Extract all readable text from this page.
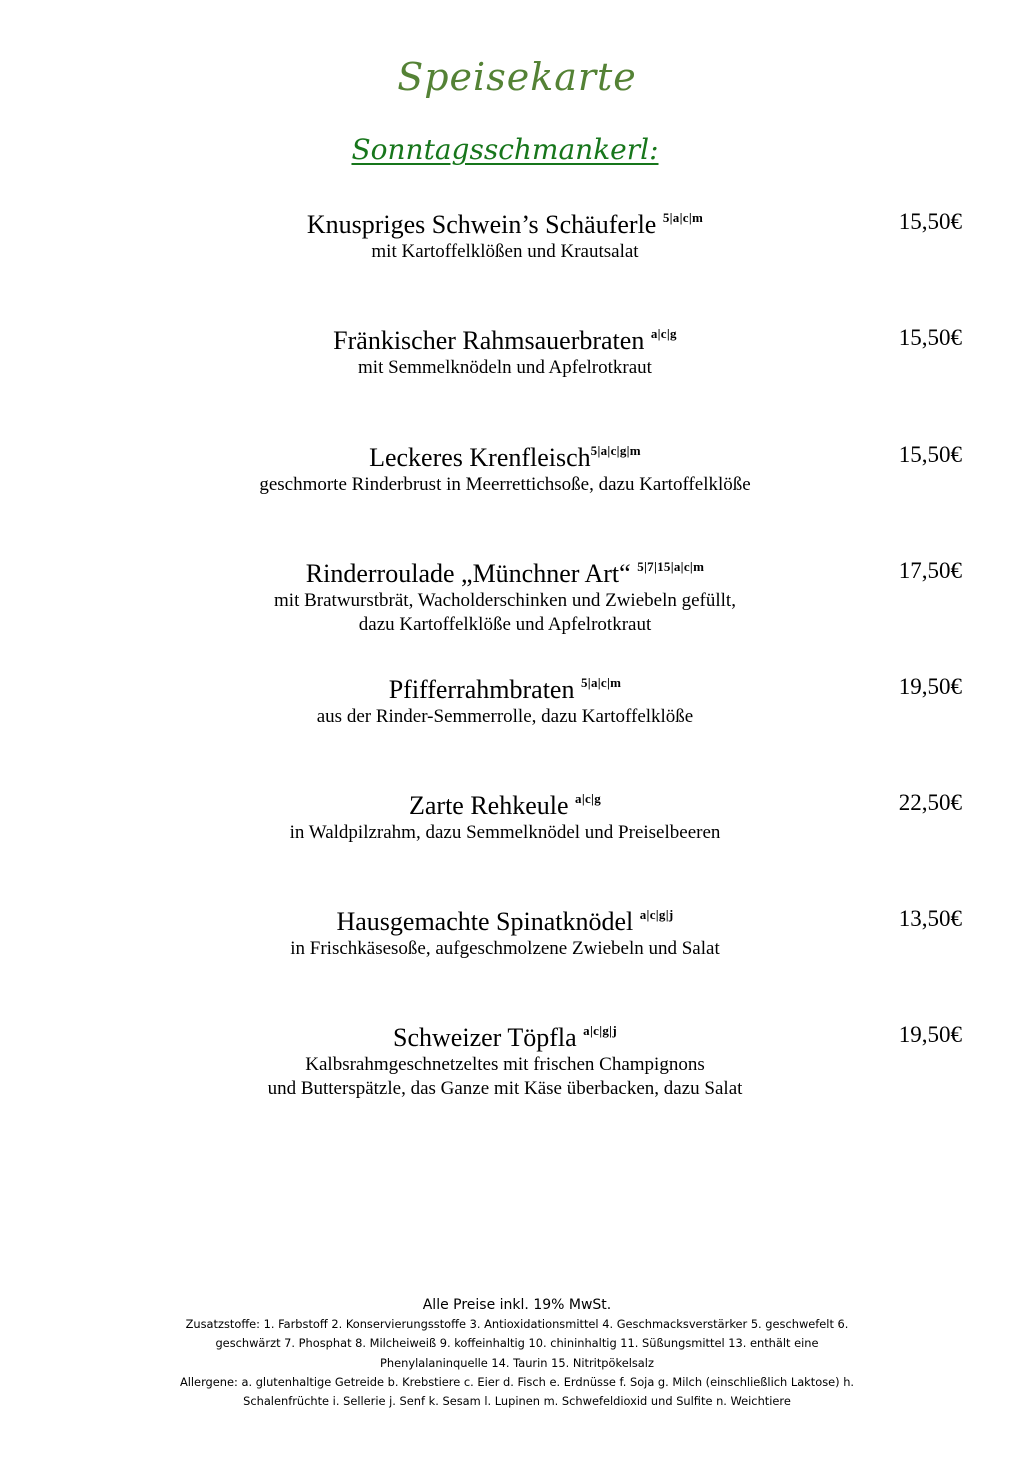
Speisekarte
Sonntagsschmankerl:
Knuspriges Schwein’s Schäuferle $^{5|a|c|m}$
mit Kartoffelklößen und Krautsalat
15,50€
Fränkischer Rahmsauerbraten $^{a|c|g}$
mit Semmelknödeln und Apfelrotkraut
15,50€
Leckeres Krenfleisch$^{5|a|c|g|m}$
geschmorte Rinderbrust in Meerrettichsoße, dazu Kartoffelklöße
15,50€
Rinderroulade „Münchner Art“ $^{5|7|15|a|c|m}$
mit Bratwurstbrät, Wacholderschinken und Zwiebeln gefüllt,
dazu Kartoffelklöße und Apfelrotkraut
17,50€
Pfifferrahmbraten $^{5|a|c|m}$
aus der Rinder-Semmerrolle, dazu Kartoffelklöße
19,50€
Zarte Rehkeule $^{a|c|g}$
in Waldpilzrahm, dazu Semmelknödel und Preiselbeeren
22,50€
Hausgemachte Spinatknödel $^{a|c|g|j}$
in Frischkäsesoße, aufgeschmolzene Zwiebeln und Salat
13,50€
Schweizer Töpfla $^{a|c|g|j}$
Kalbsrahmgeschnetzeltes mit frischen Champignons
und Butterspätzle, das Ganze mit Käse überbacken, dazu Salat
19,50€
Alle Preise inkl. 19% MwSt.
Zusatzstoffe: 1. Farbstoff 2. Konservierungsstoffe 3. Antioxidationsmittel 4. Geschmacksverstärker 5. geschwefelt 6.
geschwärzt 7. Phosphat 8. Milcheiweiß 9. koffeinhaltig 10. chininhaltig 11. Süßungsmittel 13. enthält eine
Phenylalaninquelle 14. Taurin 15. Nitritpökelsalz
Allergene: a. glutenhaltige Getreide b. Krebstiere c. Eier d. Fisch e. Erdnüsse f. Soja g. Milch (einschließlich Laktose) h.
Schalenfrüchte i. Sellerie j. Senf k. Sesam l. Lupinen m. Schwefeldioxid und Sulfite n. Weichtiere
